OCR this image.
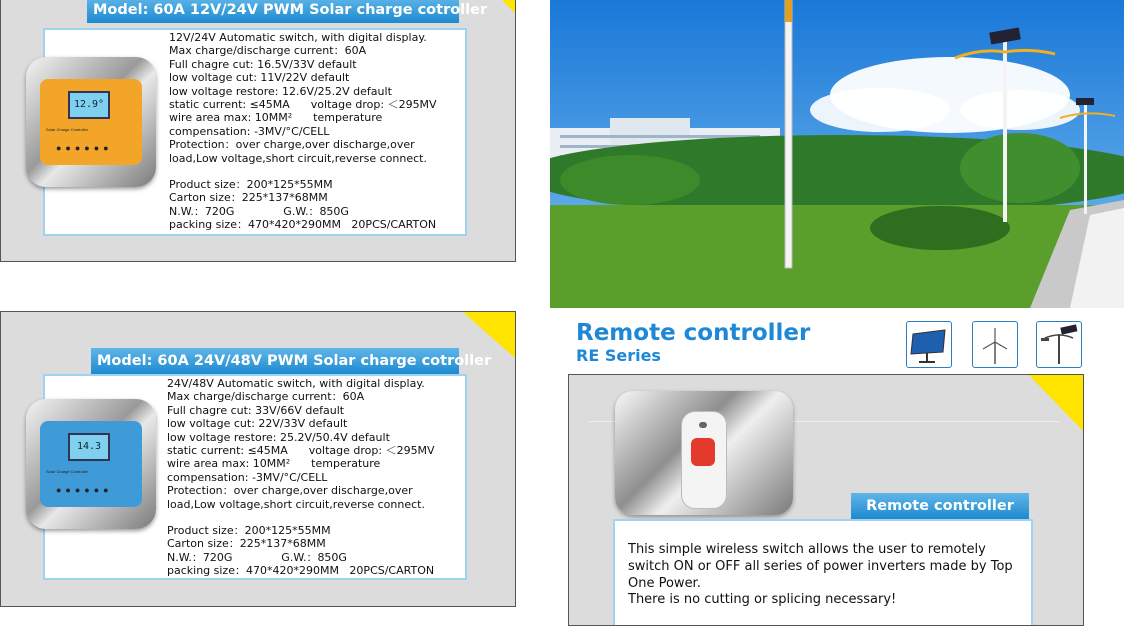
Model: 60A 12V/24V PWM Solar charge cotroller
12.9°
Solar Charge Controller
●●●●●●
12V/24V Automatic switch, with digital display.
Max charge/discharge current：60A
Full chagre cut: 16.5V/33V default
low voltage cut: 11V/22V default
low voltage restore: 12.6V/25.2V default
static current: ≤45MA      voltage drop: ＜295MV
wire area max: 10MM²      temperature compensation: -3MV/°C/CELL
Protection：over charge,over discharge,over load,Low voltage,short circuit,reverse connect.
Product size：200*125*55MM
Carton size：225*137*68MM
N.W.：720G              G.W.：850G
packing size：470*420*290MM   20PCS/CARTON
Model: 60A 24V/48V PWM Solar charge cotroller
14.3
Solar Charge Controller
●●●●●●
24V/48V Automatic switch, with digital display.
Max charge/discharge current：60A
Full chagre cut: 33V/66V default
low voltage cut: 22V/33V default
low voltage restore: 25.2V/50.4V default
static current: ≤45MA      voltage drop: ＜295MV
wire area max: 10MM²      temperature compensation: -3MV/°C/CELL
Protection：over charge,over discharge,over load,Low voltage,short circuit,reverse connect.
Product size：200*125*55MM
Carton size：225*137*68MM
N.W.：720G              G.W.：850G
packing size：470*420*290MM   20PCS/CARTON
Remote controller
RE Series
Remote controller
This simple wireless switch allows the user to remotely switch ON or OFF all series of power inverters made by Top One Power.
There is no cutting or splicing necessary!
